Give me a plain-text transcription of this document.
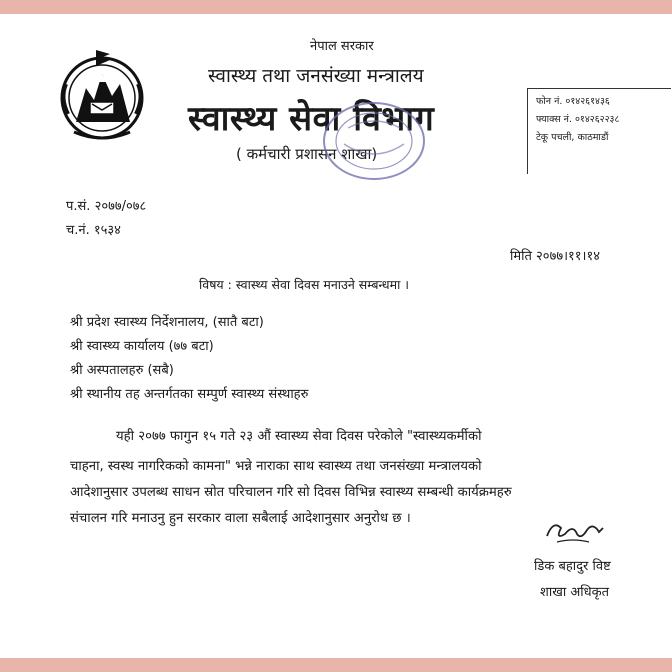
नेपाल सरकार
स्वास्थ्य तथा जनसंख्या मन्त्रालय
स्वास्थ्य सेवा विभाग
( कर्मचारी प्रशासन शाखा)
फोन नं. ०१४२६१४३६
फ्याक्स नं. ०१४२६२२३८
टेकू पचली, काठमाडौं
प.सं. २०७७/०७८
च.नं. १५३४
मिति २०७७।११।१४
विषय : स्वास्थ्य सेवा दिवस मनाउने सम्बन्धमा ।
श्री प्रदेश स्वास्थ्य निर्देशनालय, (सातै बटा)
श्री स्वास्थ्य कार्यालय (७७ बटा)
श्री अस्पतालहरु (सबै)
श्री स्थानीय तह अन्तर्गतका सम्पुर्ण स्वास्थ्य संस्थाहरु
यही २०७७ फागुन १५ गते २३ औं स्वास्थ्य सेवा दिवस परेकोले "स्वास्थ्यकर्मीको
चाहना, स्वस्थ नागरिकको कामना" भन्ने नाराका साथ स्वास्थ्य तथा जनसंख्या मन्त्रालयको
आदेशानुसार उपलब्ध साधन स्रोत परिचालन गरि सो दिवस विभिन्न स्वास्थ्य सम्बन्धी कार्यक्रमहरु
संचालन गरि मनाउनु हुन सरकार वाला सबैलाई आदेशानुसार अनुरोध छ ।
डिक बहादुर विष्ट
शाखा अधिकृत
